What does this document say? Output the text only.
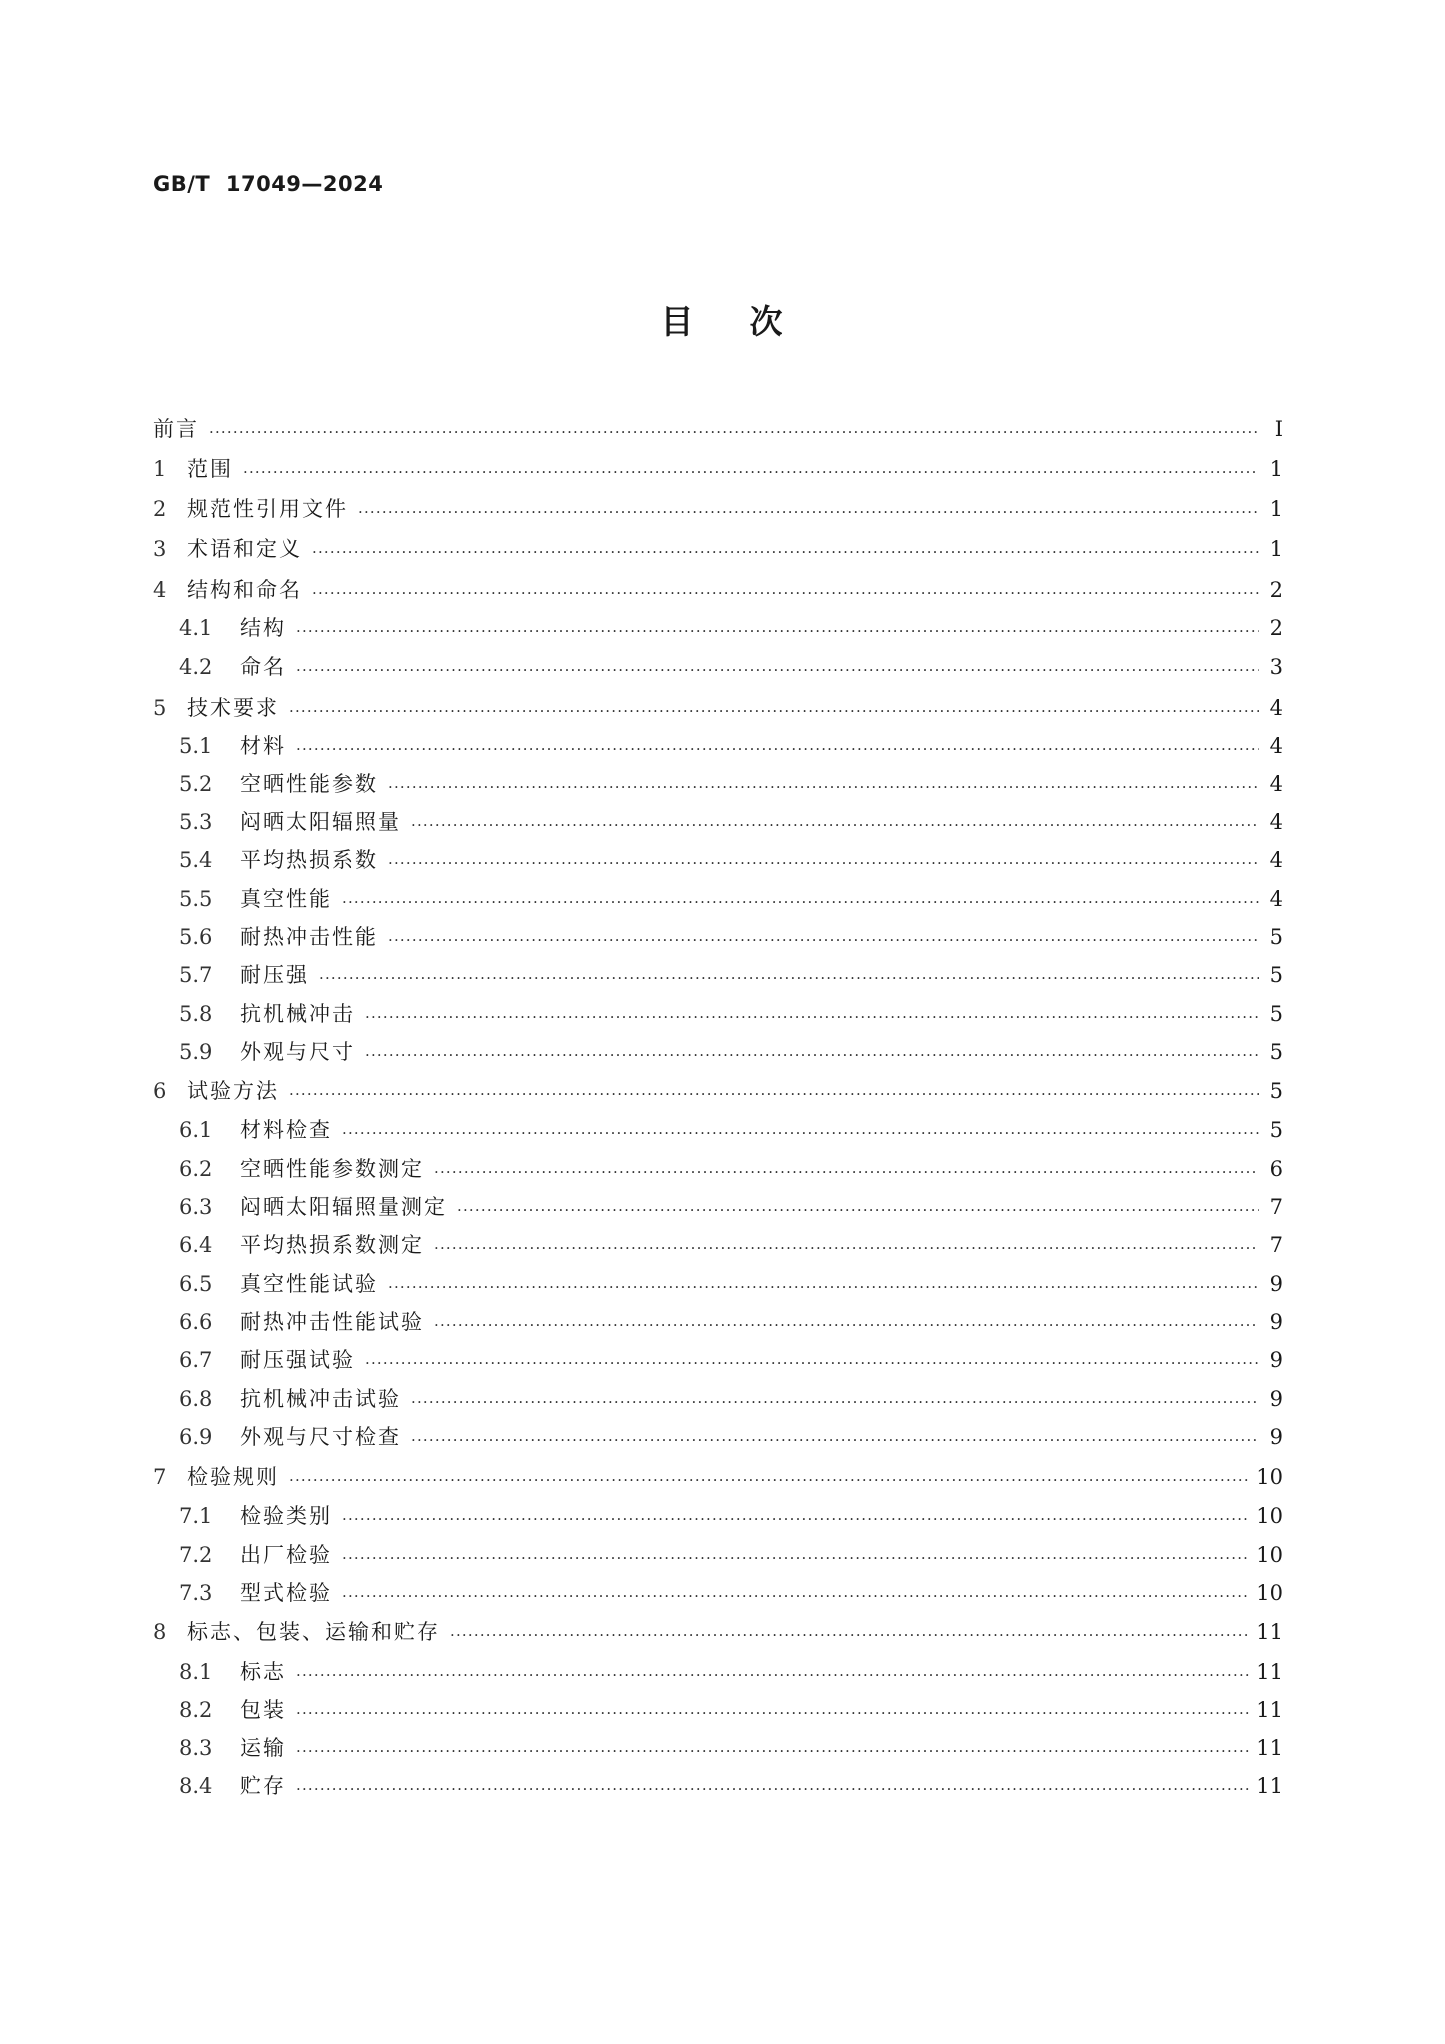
GB/T  17049—2024
目    次
前言 ·····	Ⅰ
1 范围 ·····	1
2 规范性引用文件 ·····	1
3 术语和定义 ·····	1
4 结构和命名 ·····	2
4.1	结构 ·····	2
4.2	命名 ·····	3
5 技术要求 ·····	4
5.1	材料 ·····	4
5.2	空晒性能参数 ·····	4
5.3	闷晒太阳辐照量 ·····	4
5.4	平均热损系数 ·····	4
5.5	真空性能 ·····	4
5.6	耐热冲击性能 ·····	5
5.7	耐压强 ·····	5
5.8	抗机械冲击 ·····	5
5.9	外观与尺寸 ·····	5
6 试验方法 ·····	5
6.1	材料检查 ·····	5
6.2	空晒性能参数测定 ·····	6
6.3	闷晒太阳辐照量测定 ·····	7
6.4	平均热损系数测定 ·····	7
6.5	真空性能试验 ·····	9
6.6	耐热冲击性能试验 ·····	9
6.7	耐压强试验 ·····	9
6.8	抗机械冲击试验 ·····	9
6.9	外观与尺寸检查 ·····	9
7 检验规则 ·····	10
7.1	检验类别 ·····	10
7.2	出厂检验 ·····	10
7.3	型式检验 ·····	10
8 标志、包装、运输和贮存 ·····	11
8.1	标志 ·····	11
8.2	包装 ·····	11
8.3	运输 ·····	11
8.4	贮存 ·····	11
